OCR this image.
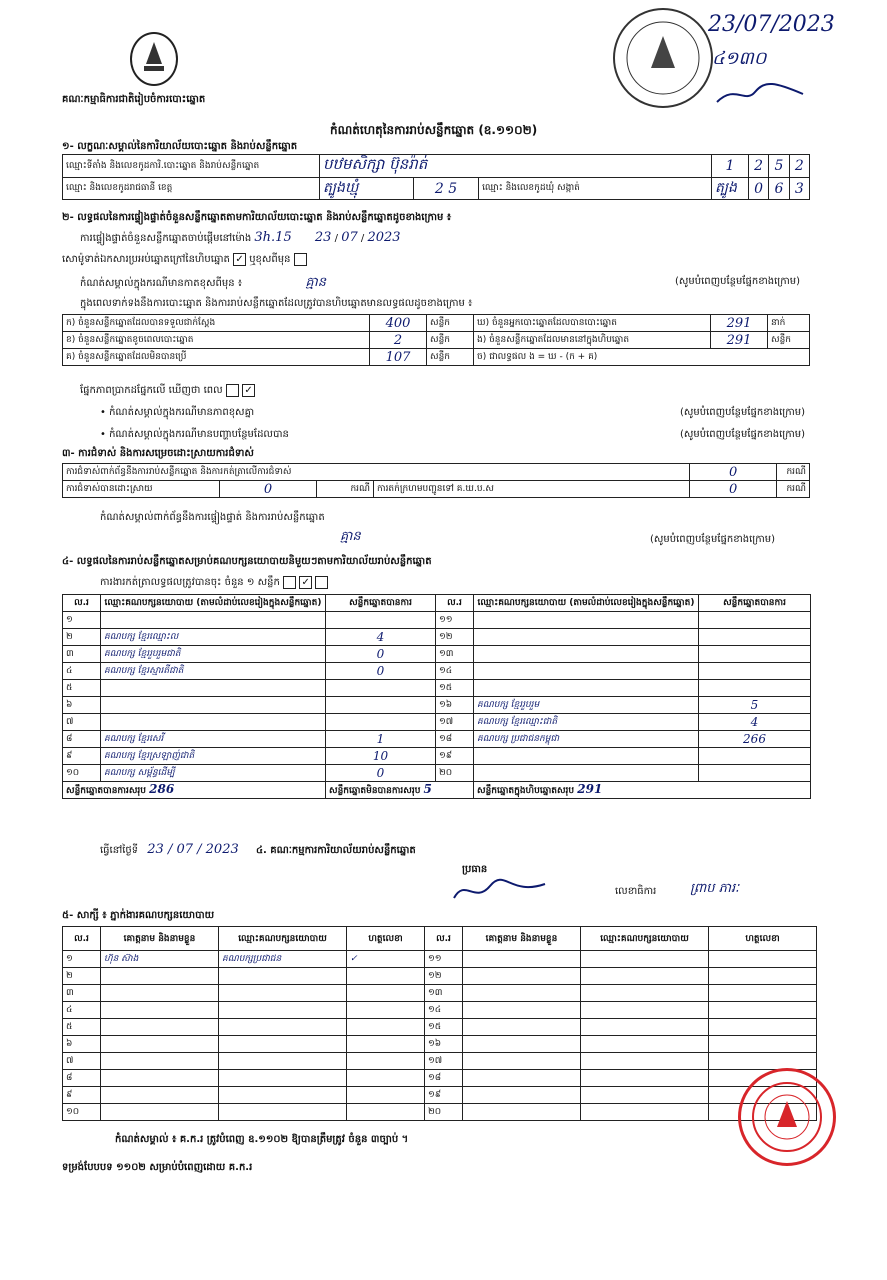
គណៈកម្មាធិការជាតិរៀបចំការបោះឆ្នោត
23/07/2023
៤១៣០
កំណត់ហេតុនៃការរាប់សន្លឹកឆ្នោត (ឧ.១១០២)
១- លក្ខណៈសម្គាល់នៃការិយាល័យបោះឆ្នោត និងរាប់សន្លឹកឆ្នោត
ឈ្មោះទីតាំង និងលេខកូដការិ.បោះឆ្នោត និងរាប់សន្លឹកឆ្នោត	បឋមសិក្សា ប៊ុនរ៉ាត់			1	2	5	2
ឈ្មោះ និងលេខកូដរាជធានី ខេត្ត	ត្បូងឃ្មុំ	2 5	ឈ្មោះ និងលេខកូដឃុំ សង្កាត់	ត្បូង	0	6	3
២- លទ្ធផលនៃការផ្ទៀងផ្ទាត់ចំនួនសន្លឹកឆ្នោតតាមការិយាល័យបោះឆ្នោត និងរាប់សន្លឹកឆ្នោតដូចខាងក្រោម ៖
ការផ្ទៀងផ្ទាត់ចំនួនសន្លឹកឆ្នោតចាប់ផ្តើមនៅម៉ោង 3h.15 23 / 07 / 2023
សោម៉ូទាត់ឯកសារប្រអប់ឆ្នោតក្រៅនៃហិបឆ្នោត ✓ ឬខុសពីមុន
កំណត់សម្គាល់ក្នុងករណីមានកាតខុសពីមុន ៖	គ្មាន	(សូមបំពេញបន្ថែមផ្នែកខាងក្រោម)
ក្នុងពេលទាក់ទងនឹងការបោះឆ្នោត និងការរាប់សន្លឹកឆ្នោតដែលត្រូវបានហិបឆ្នោតមានលទ្ធផលដូចខាងក្រោម ៖
ក) ចំនួនសន្លឹកឆ្នោតដែលបានទទួលជាក់ស្តែង	400	សន្លឹក	ឃ) ចំនួនអ្នកបោះឆ្នោតដែលបានបោះឆ្នោត	291	នាក់
ខ) ចំនួនសន្លឹកឆ្នោតខូចពេលបោះឆ្នោត	2	សន្លឹក	ង) ចំនួនសន្លឹកឆ្នោតដែលមាននៅក្នុងហិបឆ្នោត	291	សន្លឹក
គ) ចំនួនសន្លឹកឆ្នោតដែលមិនបានប្រើ	107	សន្លឹក	ច) ជាលទ្ធផល ង = ឃ - (ក + គ)		
ផ្នែកភាពប្រាកដផ្នែកលើ ឃើញថា ពេល ✓
• កំណត់សម្គាល់ក្នុងករណីមានភាពខុសគ្នា	(សូមបំពេញបន្ថែមផ្នែកខាងក្រោម)
• កំណត់សម្គាល់ក្នុងករណីមានបញ្ហាបន្ថែមដែលបាន	(សូមបំពេញបន្ថែមផ្នែកខាងក្រោម)
៣- ការជំទាស់ និងការសម្រេចដោះស្រាយការជំទាស់
ការជំទាស់ពាក់ព័ន្ធនឹងការរាប់សន្លឹកឆ្នោត និងការកត់ត្រាលើការជំទាស់				0	ករណី
ការជំទាស់បានដោះស្រាយ	0	ករណី	ការតក់ក្រហមបញ្ជូនទៅ គ.ឃ.ប.ស	0	ករណី
កំណត់សម្គាល់ពាក់ព័ន្ធនឹងការផ្ទៀងផ្ទាត់ និងការរាប់សន្លឹកឆ្នោត
គ្មាន	(សូមបំពេញបន្ថែមផ្នែកខាងក្រោម)
៤- លទ្ធផលនៃការរាប់សន្លឹកឆ្នោតសម្រាប់គណបក្សនយោបាយនិមួយៗតាមការិយាល័យរាប់សន្លឹកឆ្នោត
ការងារកត់ត្រាលទ្ធផលត្រូវបានចុះ ចំនួន ១ សន្លឹក ✓
ល.រ	ឈ្មោះគណបក្សនយោបាយ (តាមលំដាប់លេខរៀងក្នុងសន្លឹកឆ្នោត)	សន្លឹកឆ្នោតបានការ	ល.រ	ឈ្មោះគណបក្សនយោបាយ (តាមលំដាប់លេខរៀងក្នុងសន្លឹកឆ្នោត)	សន្លឹកឆ្នោតបានការ
១			១១		
២	គណបក្ស ខ្មែរឈ្មោះល	4	១២		
៣	គណបក្ស ខ្មែររួបរួមជាតិ	0	១៣		
៤	គណបក្ស ខ្មែរស្មារតីជាតិ	0	១៤		
៥			១៥		
៦			១៦	គណបក្ស ខ្មែររួបរួម	5
៧			១៧	គណបក្ស ខ្មែរឈ្មោះជាតិ	4
៨	គណបក្ស ខ្មែរសេរី	1	១៨	គណបក្ស ប្រជាជនកម្ពុជា	266
៩	គណបក្ស ខ្មែរស្រឡាញ់ជាតិ	10	១៩		
១០	គណបក្ស សម្ព័ន្ធដើម្បី	0	២០		
សន្លឹកឆ្នោតបានការសរុប 286		សន្លឹកឆ្នោតមិនបានការសរុប 5		សន្លឹកឆ្នោតក្នុងហិបឆ្នោតសរុប 291	
ធ្វើនៅថ្ងៃទី 23 / 07 / 2023 ៤. គណៈកម្មការការិយាល័យរាប់សន្លឹកឆ្នោត
ប្រធាន
លេខាធិការ	ព្រាប ភារៈ
៥- សាក្សី ៖ ភ្នាក់ងារគណបក្សនយោបាយ
ល.រ	គោត្តនាម និងនាមខ្លួន	ឈ្មោះគណបក្សនយោបាយ	ហត្ថលេខា	ល.រ	គោត្តនាម និងនាមខ្លួន	ឈ្មោះគណបក្សនយោបាយ	ហត្ថលេខា
១	ហ៊ុន ស៊ាង	គណបក្សប្រជាជន	✓	១១			
២				១២			
៣				១៣			
៤				១៤			
៥				១៥			
៦				១៦			
៧				១៧			
៨				១៨			
៩				១៩			
១០				២០			
កំណត់សម្គាល់ ៖ គ.ក.រ ត្រូវបំពេញ ឧ.១១០២ ឱ្យបានត្រឹមត្រូវ ចំនួន ៣ច្បាប់ ។
ទម្រង់បែបបទ ១១០២ សម្រាប់បំពេញដោយ គ.ក.រ
